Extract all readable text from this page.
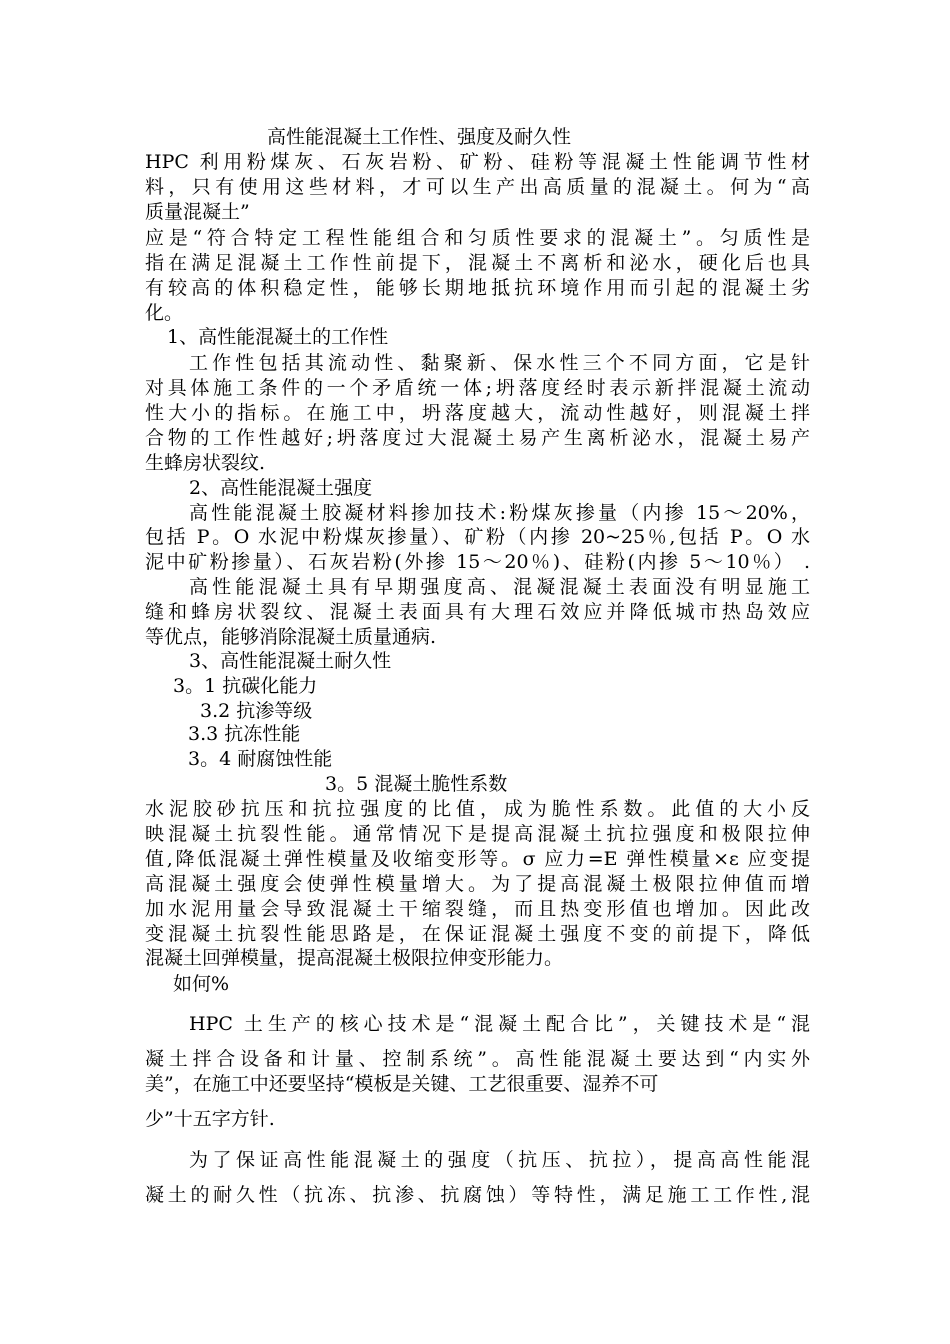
高性能混凝土工作性、强度及耐久性
HPC 利用粉煤灰、石灰岩粉、矿粉、硅粉等混凝土性能调节性材
料，只有使用这些材料，才可以生产出高质量的混凝土。何为“高
质量混凝土”
应是“符合特定工程性能组合和匀质性要求的混凝土”。匀质性是
指在满足混凝土工作性前提下，混凝土不离析和泌水，硬化后也具
有较高的体积稳定性，能够长期地抵抗环境作用而引起的混凝土劣
化。
1、高性能混凝土的工作性
工作性包括其流动性、黏聚新、保水性三个不同方面，它是针
对具体施工条件的一个矛盾统一体;坍落度经时表示新拌混凝土流动
性大小的指标。在施工中，坍落度越大，流动性越好，则混凝土拌
合物的工作性越好;坍落度过大混凝土易产生离析泌水，混凝土易产
生蜂房状裂纹.
2、高性能混凝土强度
高性能混凝土胶凝材料掺加技术:粉煤灰掺量（内掺 15～20%，
包括 P。O 水泥中粉煤灰掺量）、矿粉（内掺 20~25％,包括 P。O 水
泥中矿粉掺量）、石灰岩粉(外掺 15～20％)、硅粉(内掺 5～10％） .
高性能混凝土具有早期强度高、混凝混凝土表面没有明显施工
缝和蜂房状裂纹、混凝土表面具有大理石效应并降低城市热岛效应
等优点，能够消除混凝土质量通病.
3、高性能混凝土耐久性
3。1 抗碳化能力
3.2 抗渗等级
3.3 抗冻性能
3。4 耐腐蚀性能
3。5 混凝土脆性系数
水泥胶砂抗压和抗拉强度的比值，成为脆性系数。此值的大小反
映混凝土抗裂性能。通常情况下是提高混凝土抗拉强度和极限拉伸
值,降低混凝土弹性模量及收缩变形等。σ 应力=E 弹性模量×ε 应变提
高混凝土强度会使弹性模量增大。为了提高混凝土极限拉伸值而增
加水泥用量会导致混凝土干缩裂缝，而且热变形值也增加。因此改
变混凝土抗裂性能思路是，在保证混凝土强度不变的前提下，降低
混凝土回弹模量，提高混凝土极限拉伸变形能力。
如何%
HPC 土生产的核心技术是“混凝土配合比”，关键技术是“混
凝土拌合设备和计量、控制系统”。高性能混凝土要达到“内实外
美”，在施工中还要坚持“模板是关键、工艺很重要、湿养不可
少”十五字方针.
为了保证高性能混凝土的强度（抗压、抗拉），提高高性能混
凝土的耐久性（抗冻、抗渗、抗腐蚀）等特性，满足施工工作性,混
